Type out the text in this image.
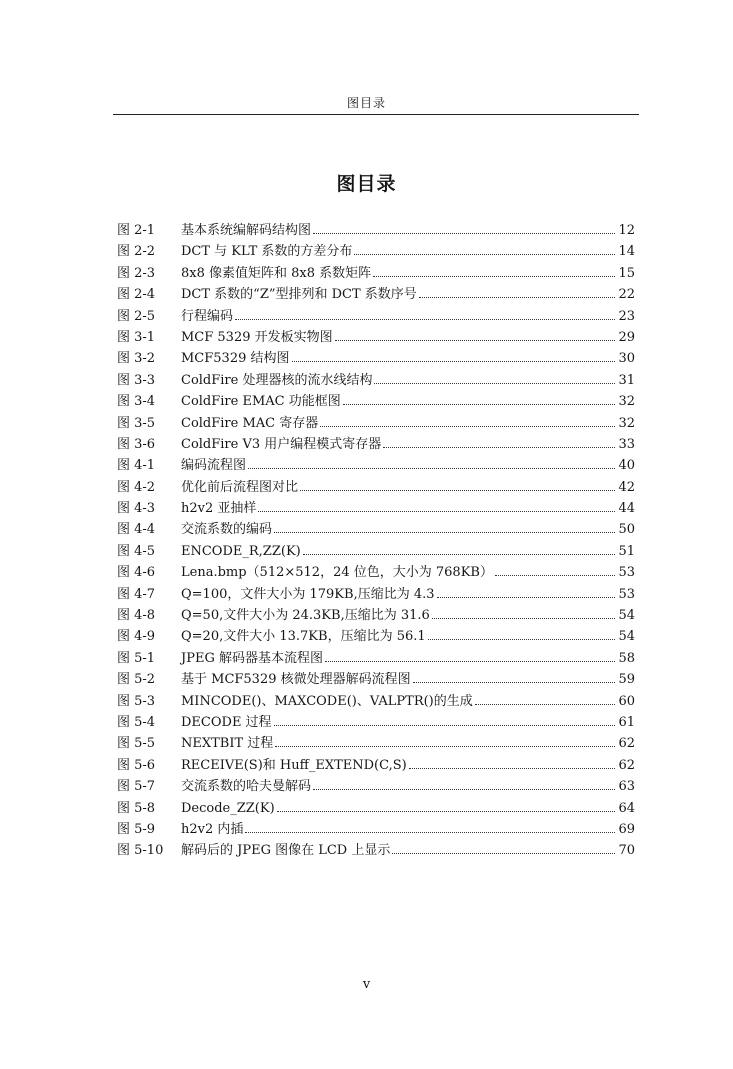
图目录
图目录
图 2-1	基本系统编解码结构图	12
图 2-2	DCT 与 KLT 系数的方差分布	14
图 2-3	8x8 像素值矩阵和 8x8 系数矩阵	15
图 2-4	DCT 系数的“Z”型排列和 DCT 系数序号	22
图 2-5	行程编码	23
图 3-1	MCF 5329 开发板实物图	29
图 3-2	MCF5329 结构图	30
图 3-3	ColdFire 处理器核的流水线结构	31
图 3-4	ColdFire EMAC 功能框图	32
图 3-5	ColdFire MAC 寄存器	32
图 3-6	ColdFire V3 用户编程模式寄存器	33
图 4-1	编码流程图	40
图 4-2	优化前后流程图对比	42
图 4-3	h2v2 亚抽样	44
图 4-4	交流系数的编码	50
图 4-5	ENCODE_R,ZZ(K)	51
图 4-6	Lena.bmp（512×512，24 位色，大小为 768KB）	53
图 4-7	Q=100，文件大小为 179KB,压缩比为 4.3	53
图 4-8	Q=50,文件大小为 24.3KB,压缩比为 31.6	54
图 4-9	Q=20,文件大小 13.7KB，压缩比为 56.1	54
图 5-1	JPEG 解码器基本流程图	58
图 5-2	基于 MCF5329 核微处理器解码流程图	59
图 5-3	MINCODE()、MAXCODE()、VALPTR()的生成	60
图 5-4	DECODE 过程	61
图 5-5	NEXTBIT 过程	62
图 5-6	RECEIVE(S)和 Huff_EXTEND(C,S)	62
图 5-7	交流系数的哈夫曼解码	63
图 5-8	Decode_ZZ(K)	64
图 5-9	h2v2 内插	69
图 5-10	解码后的 JPEG 图像在 LCD 上显示	70
v
